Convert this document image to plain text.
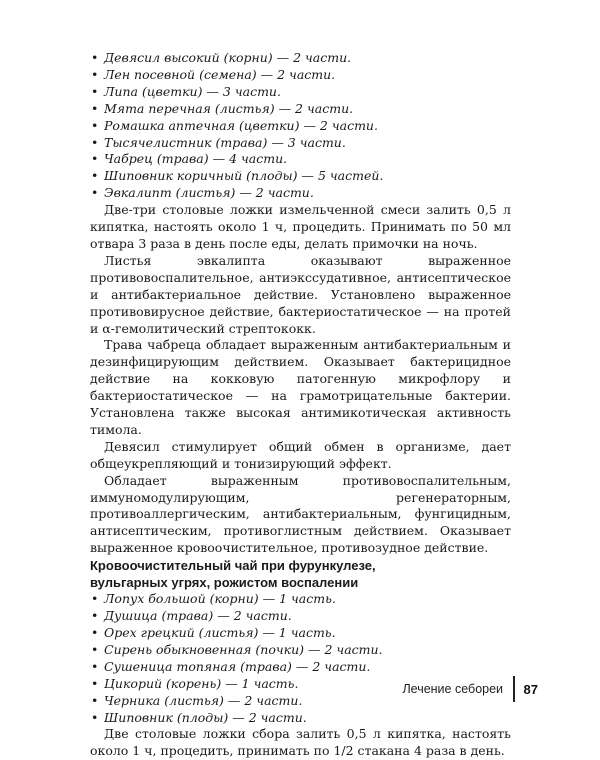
• Девясил высокий (корни) — 2 части.
• Лен посевной (семена) — 2 части.
• Липа (цветки) — 3 части.
• Мята перечная (листья) — 2 части.
• Ромашка аптечная (цветки) — 2 части.
• Тысячелистник (трава) — 3 части.
• Чабрец (трава) — 4 части.
• Шиповник коричный (плоды) — 5 частей.
• Эвкалипт (листья) — 2 части.

Две-три столовые ложки измельченной смеси залить 0,5 л кипятка, настоять около 1 ч, процедить. Принимать по 50 мл отвара 3 раза в день после еды, делать примочки на ночь.

Листья эвкалипта оказывают выраженное противовоспалительное, антиэкссудативное, антисептическое и антибактериальное действие. Установлено выраженное противовирусное действие, бактериостатическое — на протей и α-гемолитический стрептококк.

Трава чабреца обладает выраженным антибактериальным и дезинфицирующим действием. Оказывает бактерицидное действие на кокковую патогенную микрофлору и бактериостатическое — на грамотрицательные бактерии. Установлена также высокая антимикотическая активность тимола.

Девясил стимулирует общий обмен в организме, дает общеукрепляющий и тонизирующий эффект.

Обладает выраженным противовоспалительным, иммуномодулирующим, регенераторным, противоаллергическим, антибактериальным, фунгицидным, антисептическим, противоглистным действием. Оказывает выраженное кровоочистительное, противозудное действие.

Кровоочистительный чай при фурункулезе,
вульгарных угрях, рожистом воспалении
• Лопух большой (корни) — 1 часть.
• Душица (трава) — 2 части.
• Орех грецкий (листья) — 1 часть.
• Сирень обыкновенная (почки) — 2 части.
• Сушеница топяная (трава) — 2 части.
• Цикорий (корень) — 1 часть.
• Черника (листья) — 2 части.
• Шиповник (плоды) — 2 части.

Две столовые ложки сбора залить 0,5 л кипятка, настоять около 1 ч, процедить, принимать по 1/2 стакана 4 раза в день.

Лечение себореи 87
